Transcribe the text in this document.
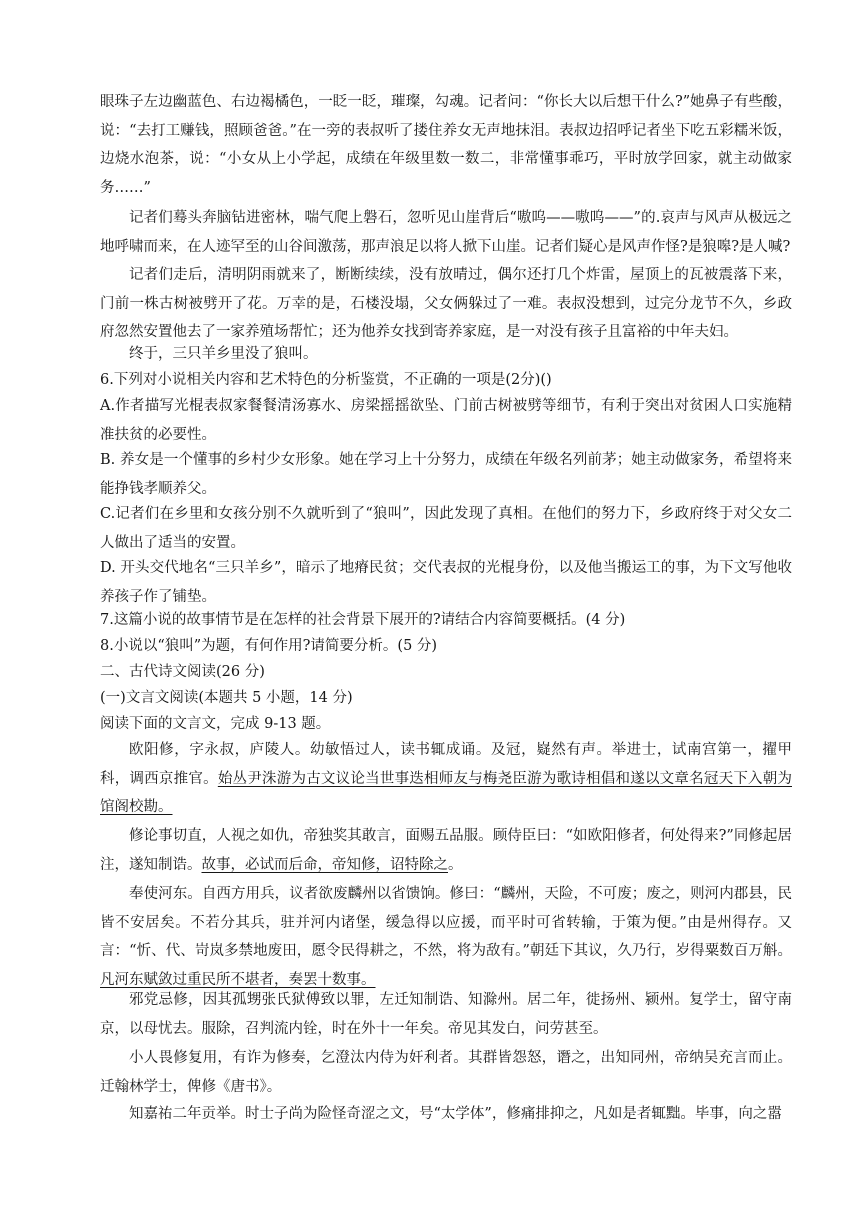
眼珠子左边幽蓝色、右边褐橘色，一眨一眨，璀璨，勾魂。记者问：“你长大以后想干什么?”她鼻子有些酸，说：“去打工赚钱，照顾爸爸。”在一旁的表叔听了搂住养女无声地抹泪。表叔边招呼记者坐下吃五彩糯米饭，边烧水泡茶，说：“小女从上小学起，成绩在年级里数一数二，非常懂事乖巧，平时放学回家，就主动做家务……”

记者们蓦头奔脑钻进密林，喘气爬上磐石，忽听见山崖背后“嗷呜——嗷呜——”的.哀声与风声从极远之地呼啸而来，在人迹罕至的山谷间激荡，那声浪足以将人掀下山崖。记者们疑心是风声作怪?是狼嗥?是人喊?

记者们走后，清明阴雨就来了，断断续续，没有放晴过，偶尔还打几个炸雷，屋顶上的瓦被震落下来，门前一株古树被劈开了花。万幸的是，石楼没塌，父女俩躲过了一难。表叔没想到，过完分龙节不久，乡政府忽然安置他去了一家养殖场帮忙；还为他养女找到寄养家庭，是一对没有孩子且富裕的中年夫妇。

终于，三只羊乡里没了狼叫。

6.下列对小说相关内容和艺术特色的分析鉴赏，不正确的一项是(2分)()

A.作者描写光棍表叔家餐餐清汤寡水、房梁摇摇欲坠、门前古树被劈等细节，有利于突出对贫困人口实施精准扶贫的必要性。

B. 养女是一个懂事的乡村少女形象。她在学习上十分努力，成绩在年级名列前茅；她主动做家务，希望将来能挣钱孝顺养父。

C.记者们在乡里和女孩分别不久就听到了“狼叫”，因此发现了真相。在他们的努力下，乡政府终于对父女二人做出了适当的安置。

D. 开头交代地名“三只羊乡”，暗示了地瘠民贫；交代表叔的光棍身份，以及他当搬运工的事，为下文写他收养孩子作了铺垫。

7.这篇小说的故事情节是在怎样的社会背景下展开的?请结合内容简要概括。(4 分)

8.小说以“狼叫”为题，有何作用?请简要分析。(5 分)

二、古代诗文阅读(26 分)

(一)文言文阅读(本题共 5 小题，14 分)

阅读下面的文言文，完成 9-13 题。

欧阳修，字永叔，庐陵人。幼敏悟过人，读书辄成诵。及冠，嶷然有声。举进士，试南宫第一，擢甲科，调西京推官。始丛尹洙游为古文议论当世事迭相师友与梅尧臣游为歌诗相倡和遂以文章名冠天下入朝为馆阁校勘。

修论事切直，人视之如仇，帝独奖其敢言，面赐五品服。顾侍臣曰：“如欧阳修者，何处得来?”同修起居注，遂知制诰。故事，必试而后命，帝知修，诏特除之。

奉使河东。自西方用兵，议者欲废麟州以省馈饷。修曰：“麟州，天险，不可废；废之，则河内郡县，民皆不安居矣。不若分其兵，驻并河内诸堡，缓急得以应援，而平时可省转输，于策为便。”由是州得存。又言：“忻、代、岢岚多禁地废田，愿令民得耕之，不然，将为敌有。”朝廷下其议，久乃行，岁得粟数百万斛。凡河东赋敛过重民所不堪者，奏罢十数事。

邪党忌修，因其孤甥张氏狱傅致以罪，左迁知制诰、知滁州。居二年，徙扬州、颍州。复学士，留守南京，以母忧去。服除，召判流内铨，时在外十一年矣。帝见其发白，问劳甚至。

小人畏修复用，有诈为修奏，乞澄汰内侍为奸利者。其群皆怨怒，谮之，出知同州，帝纳吴充言而止。迁翰林学士，俾修《唐书》。

知嘉祐二年贡举。时士子尚为险怪奇涩之文，号“太学体”，修痛排抑之，凡如是者辄黜。毕事，向之嚣
